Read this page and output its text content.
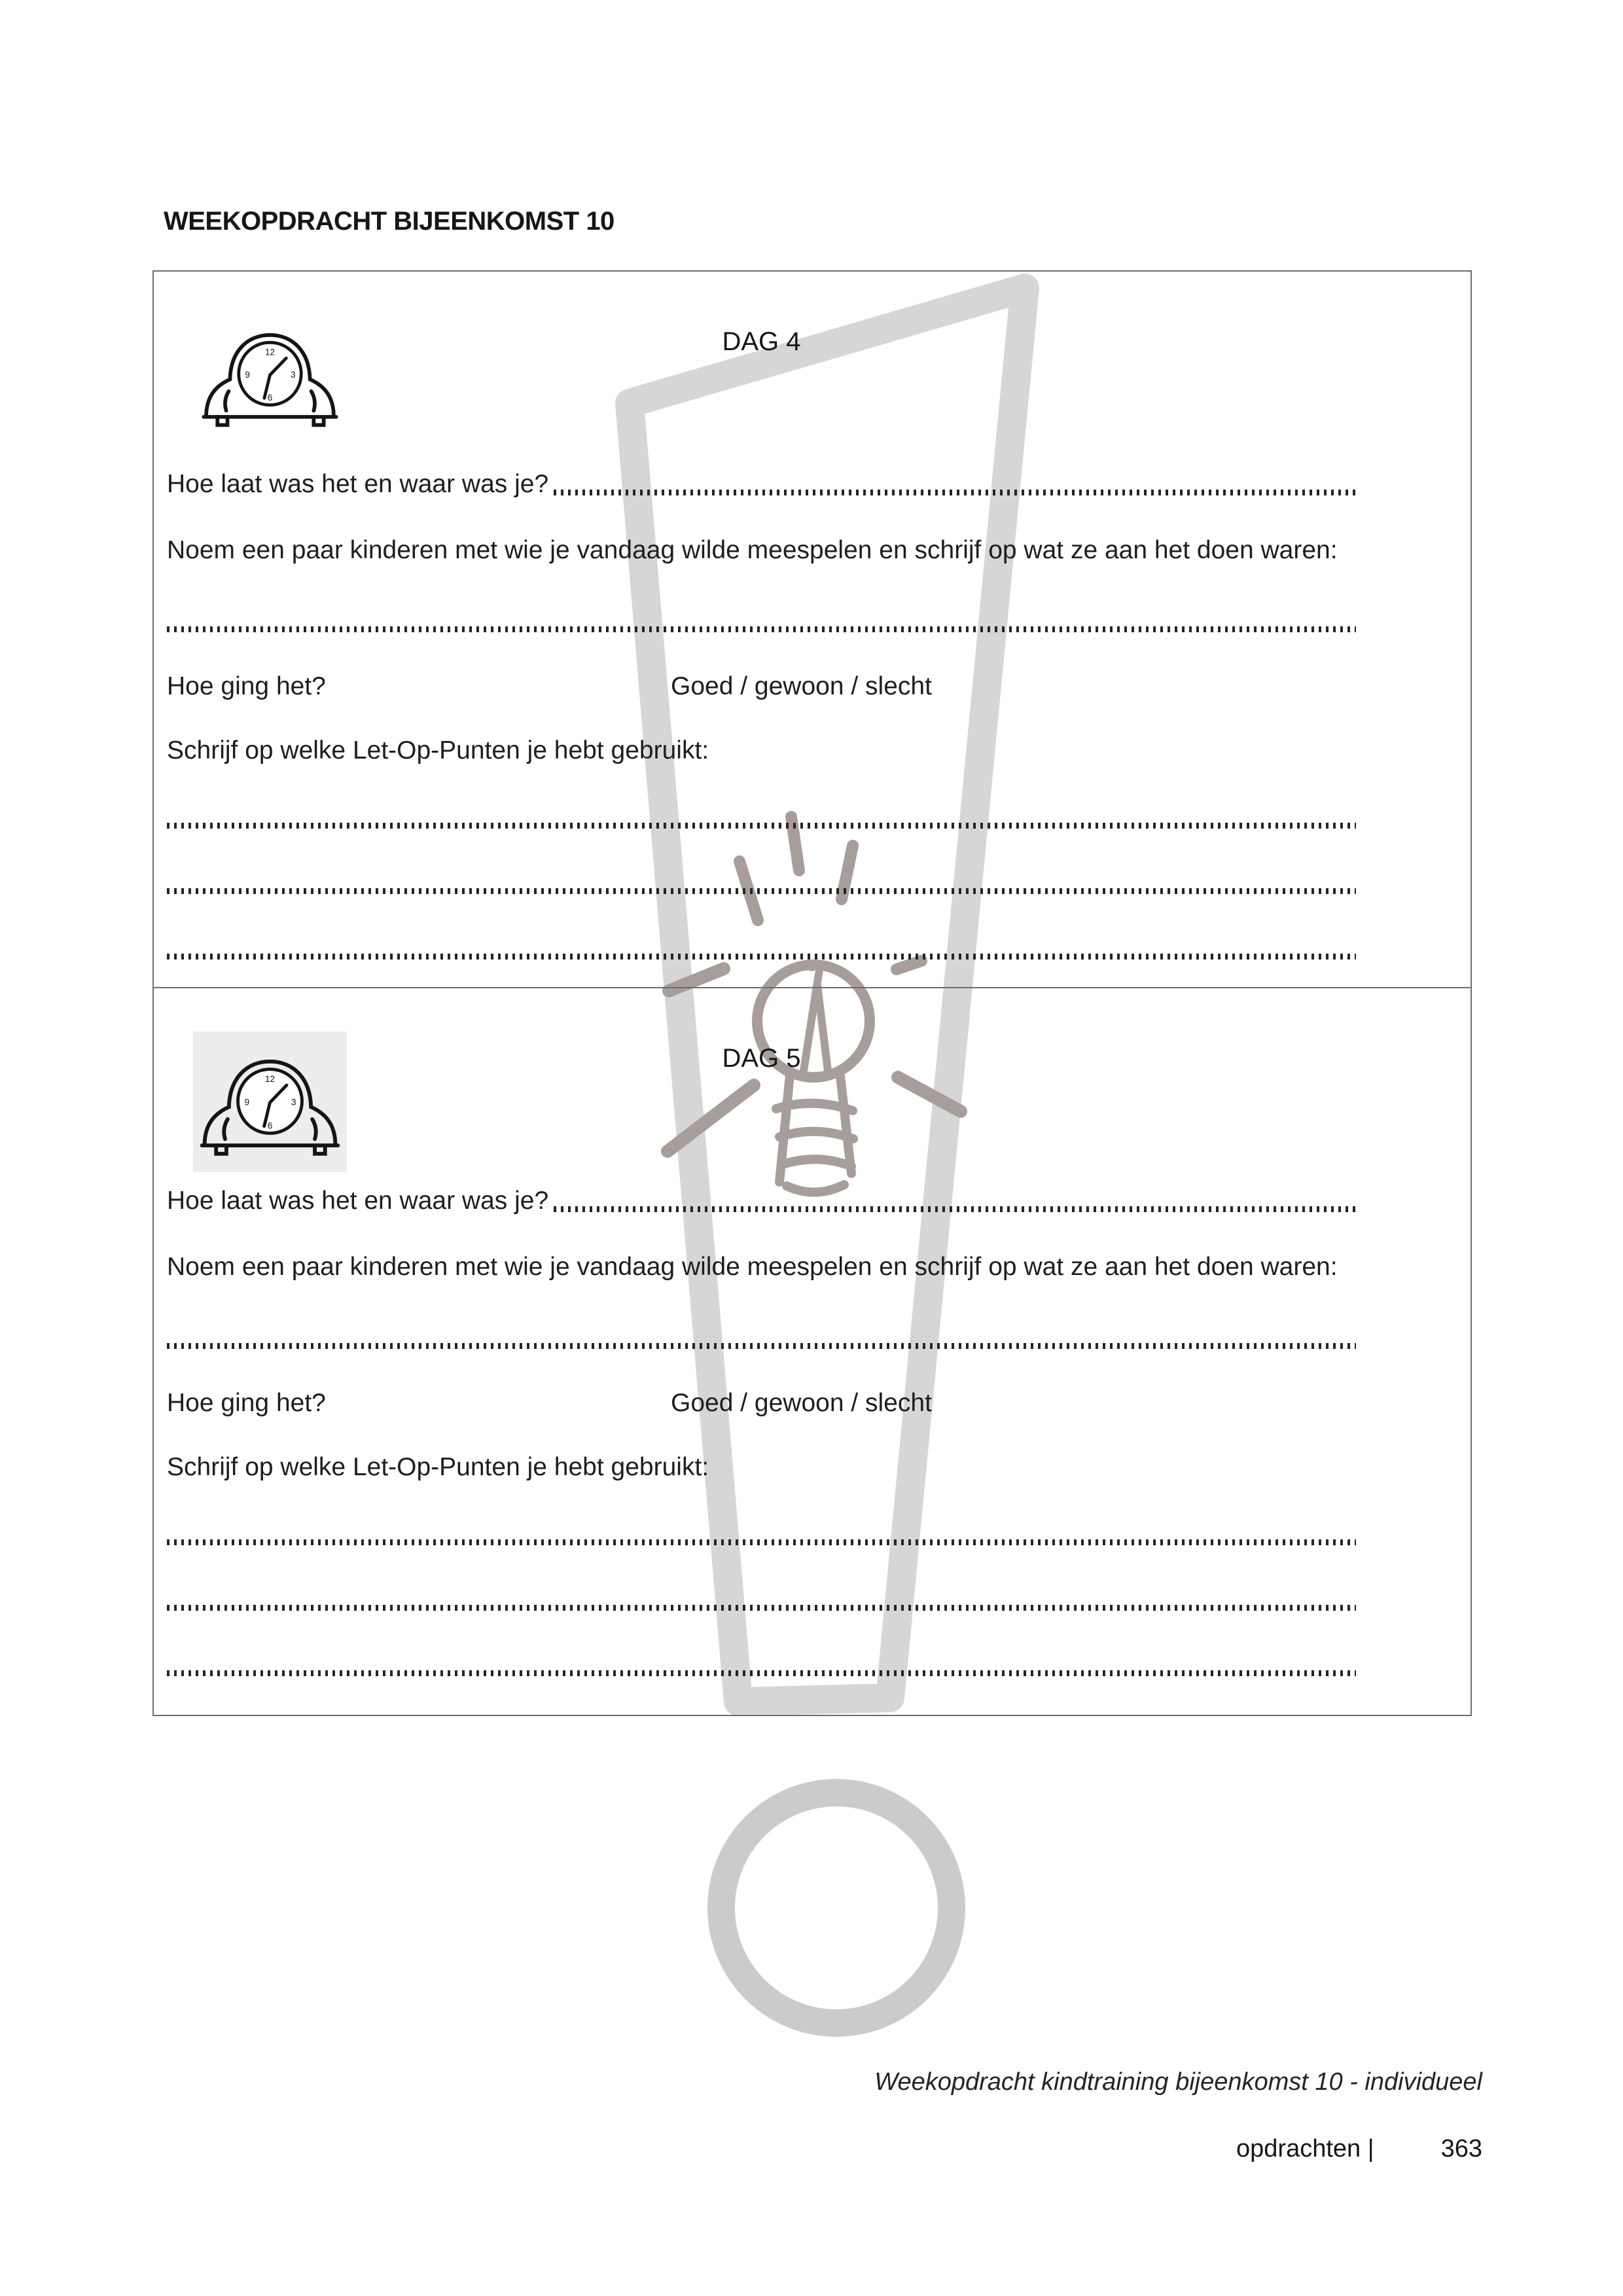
WEEKOPDRACHT BIJEENKOMST 10
DAG 4
12
3
6
9
Hoe laat was het en waar was je?
Noem een paar kinderen met wie je vandaag wilde meespelen en schrijf op wat ze aan het doen waren:
Hoe ging het?	Goed / gewoon / slecht
Schrijf op welke Let-Op-Punten je hebt gebruikt:
DAG 5
12
3
6
9
Hoe laat was het en waar was je?
Noem een paar kinderen met wie je vandaag wilde meespelen en schrijf op wat ze aan het doen waren:
Hoe ging het?	Goed / gewoon / slecht
Schrijf op welke Let-Op-Punten je hebt gebruikt:
Weekopdracht kindtraining bijeenkomst 10 - individueel
opdrachten |	363
